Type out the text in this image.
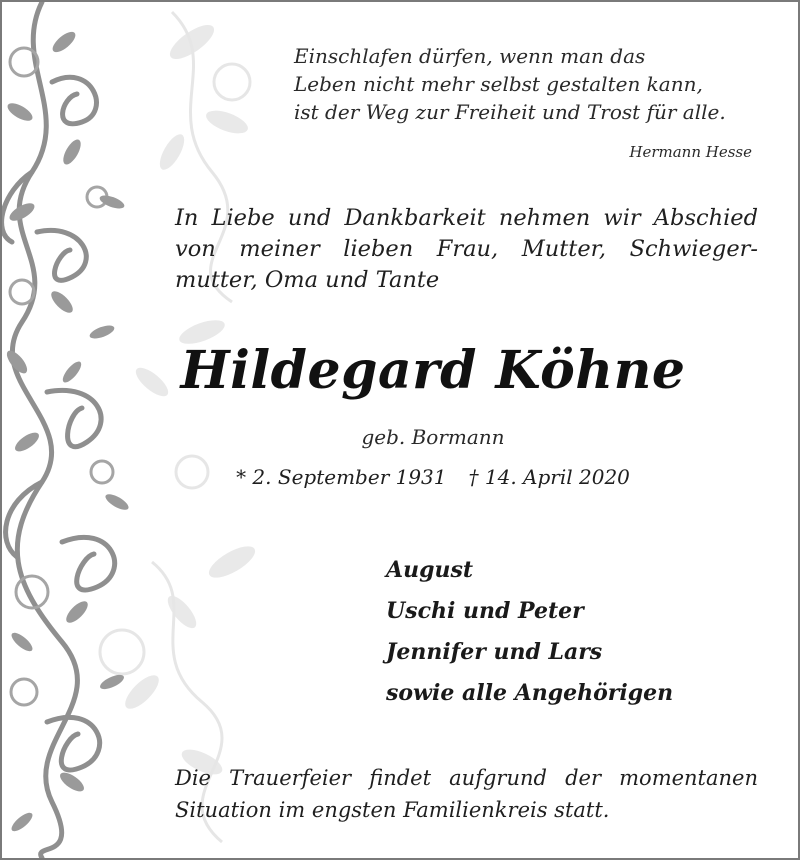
Einschlafen dürfen, wenn man das
Leben nicht mehr selbst gestalten kann,
ist der Weg zur Freiheit und Trost für alle.
Hermann Hesse
In Liebe und Dankbarkeit nehmen wir Abschied von meiner lieben Frau, Mutter, Schwieger- mutter, Oma und Tante
Hildegard Köhne
geb. Bormann
* 2. September 1931 † 14. April 2020
August
Uschi und Peter
Jennifer und Lars
sowie alle Angehörigen
Die Trauerfeier findet aufgrund der momentanen Situation im engsten Familienkreis statt.
